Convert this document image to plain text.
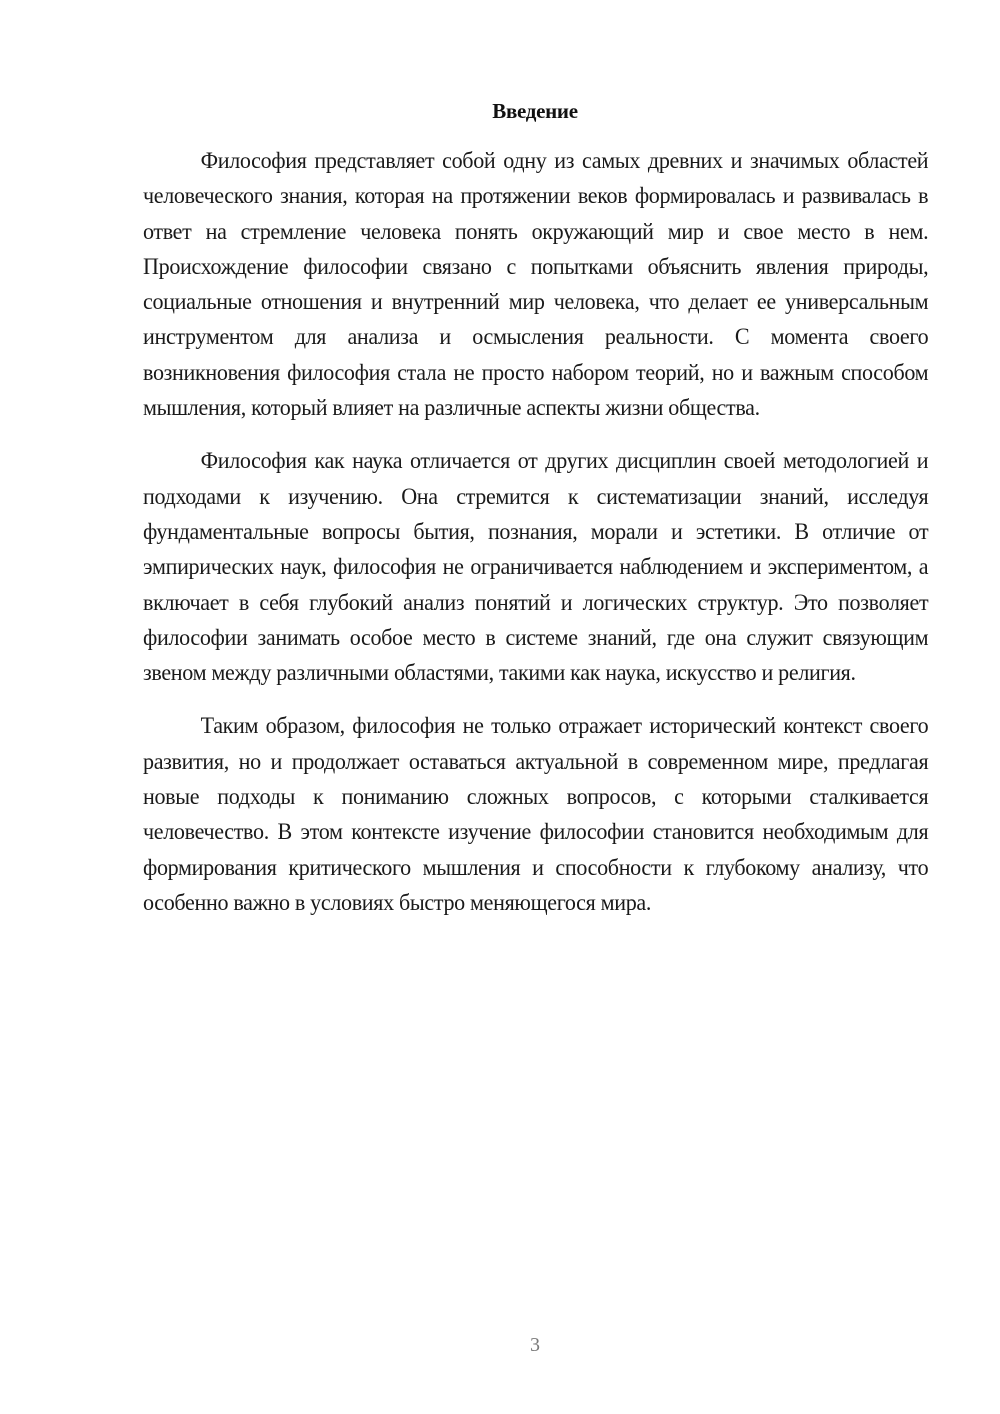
Введение

Философия представляет собой одну из самых древних и значимых областей человеческого знания, которая на протяжении веков формировалась и развивалась в ответ на стремление человека понять окружающий мир и свое место в нем. Происхождение философии связано с попытками объяснить явления природы, социальные отношения и внутренний мир человека, что делает ее универсальным инструментом для анализа и осмысления реальности. С момента своего возникновения философия стала не просто набором теорий, но и важным способом мышления, который влияет на различные аспекты жизни общества.

Философия как наука отличается от других дисциплин своей методологией и подходами к изучению. Она стремится к систематизации знаний, исследуя фундаментальные вопросы бытия, познания, морали и эстетики. В отличие от эмпирических наук, философия не ограничивается наблюдением и экспериментом, а включает в себя глубокий анализ понятий и логических структур. Это позволяет философии занимать особое место в системе знаний, где она служит связующим звеном между различными областями, такими как наука, искусство и религия.

Таким образом, философия не только отражает исторический контекст своего развития, но и продолжает оставаться актуальной в современном мире, предлагая новые подходы к пониманию сложных вопросов, с которыми сталкивается человечество. В этом контексте изучение философии становится необходимым для формирования критического мышления и способности к глубокому анализу, что особенно важно в условиях быстро меняющегося мира.

3
